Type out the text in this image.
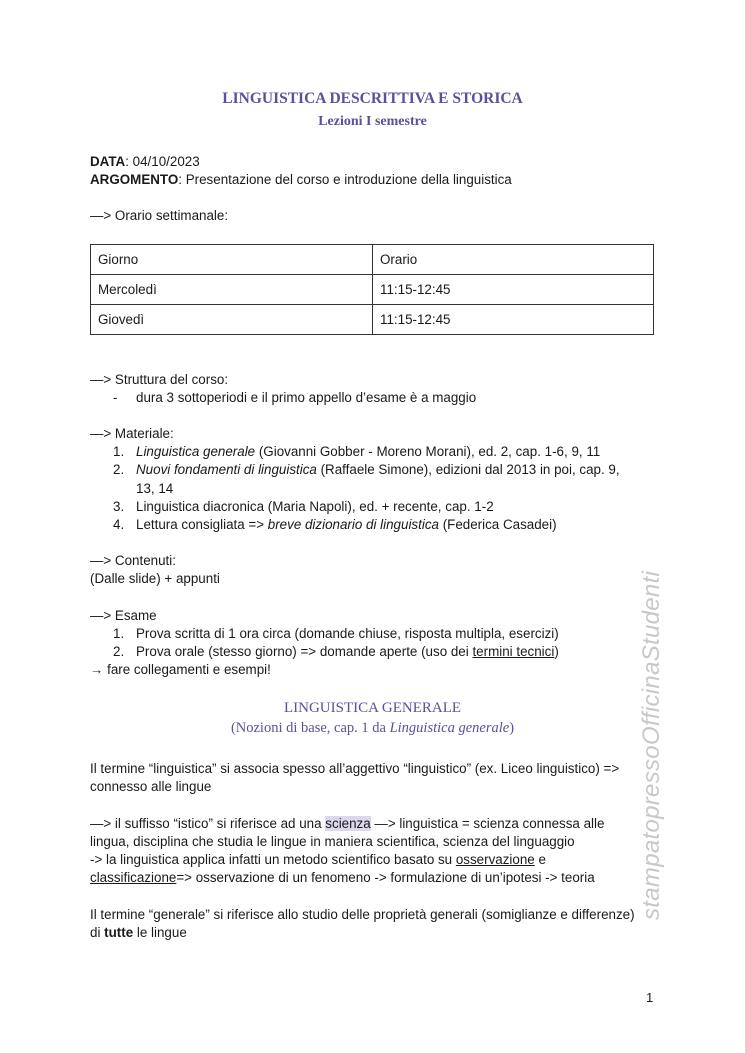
LINGUISTICA DESCRITTIVA E STORICA
Lezioni I semestre
DATA: 04/10/2023
ARGOMENTO: Presentazione del corso e introduzione della linguistica
—> Orario settimanale:
Giorno	Orario
Mercoledì	11:15-12:45
Giovedì	11:15-12:45
—> Struttura del corso:
- dura 3 sottoperiodi e il primo appello d’esame è a maggio
—> Materiale:
1. Linguistica generale (Giovanni Gobber - Moreno Morani), ed. 2, cap. 1-6, 9, 11
2. Nuovi fondamenti di linguistica (Raffaele Simone), edizioni dal 2013 in poi, cap. 9,
13, 14
3. Linguistica diacronica (Maria Napoli), ed. + recente, cap. 1-2
4. Lettura consigliata => breve dizionario di linguistica (Federica Casadei)
—> Contenuti:
(Dalle slide) + appunti
—> Esame
1. Prova scritta di 1 ora circa (domande chiuse, risposta multipla, esercizi)
2. Prova orale (stesso giorno) => domande aperte (uso dei termini tecnici)
→ fare collegamenti e esempi!
LINGUISTICA GENERALE
(Nozioni di base, cap. 1 da Linguistica generale)
Il termine “linguistica” si associa spesso all’aggettivo “linguistico” (ex. Liceo linguistico) =>
connesso alle lingue
—> il suffisso “istico” si riferisce ad una scienza —> linguistica = scienza connessa alle
lingua, disciplina che studia le lingue in maniera scientifica, scienza del linguaggio
-> la linguistica applica infatti un metodo scientifico basato su osservazione e
classificazione=> osservazione di un fenomeno -> formulazione di un’ipotesi -> teoria
Il termine “generale” si riferisce allo studio delle proprietà generali (somiglianze e differenze)
di tutte le lingue
stampatopressoOfficinaStudenti
1
